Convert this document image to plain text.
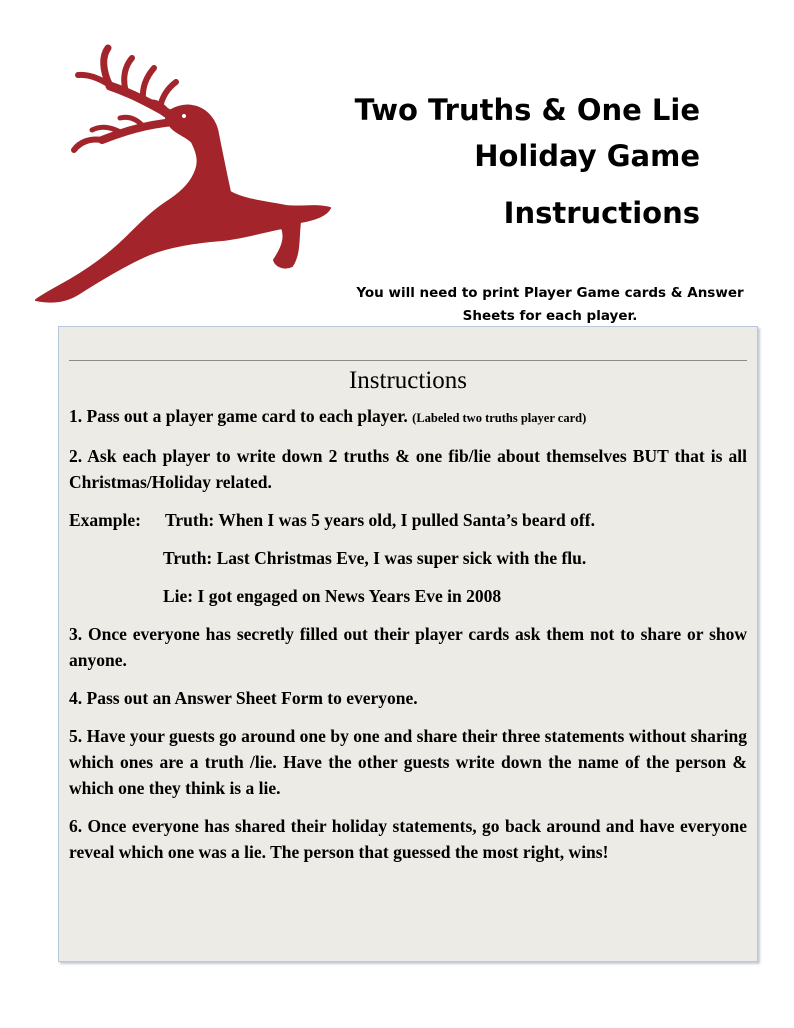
Two Truths & One Lie
Holiday Game
Instructions
You will need to print Player Game cards & Answer Sheets for each player.
Instructions

1. Pass out a player game card to each player. (Labeled two truths player card)

2. Ask each player to write down 2 truths & one fib/lie about themselves BUT that is all Christmas/Holiday related.

Example: Truth: When I was 5 years old, I pulled Santa’s beard off.
Truth: Last Christmas Eve, I was super sick with the flu.
Lie: I got engaged on News Years Eve in 2008

3. Once everyone has secretly filled out their player cards ask them not to share or show anyone.

4. Pass out an Answer Sheet Form to everyone.

5. Have your guests go around one by one and share their three statements without sharing which ones are a truth /lie. Have the other guests write down the name of the person & which one they think is a lie.

6. Once everyone has shared their holiday statements, go back around and have everyone reveal which one was a lie. The person that guessed the most right, wins!
